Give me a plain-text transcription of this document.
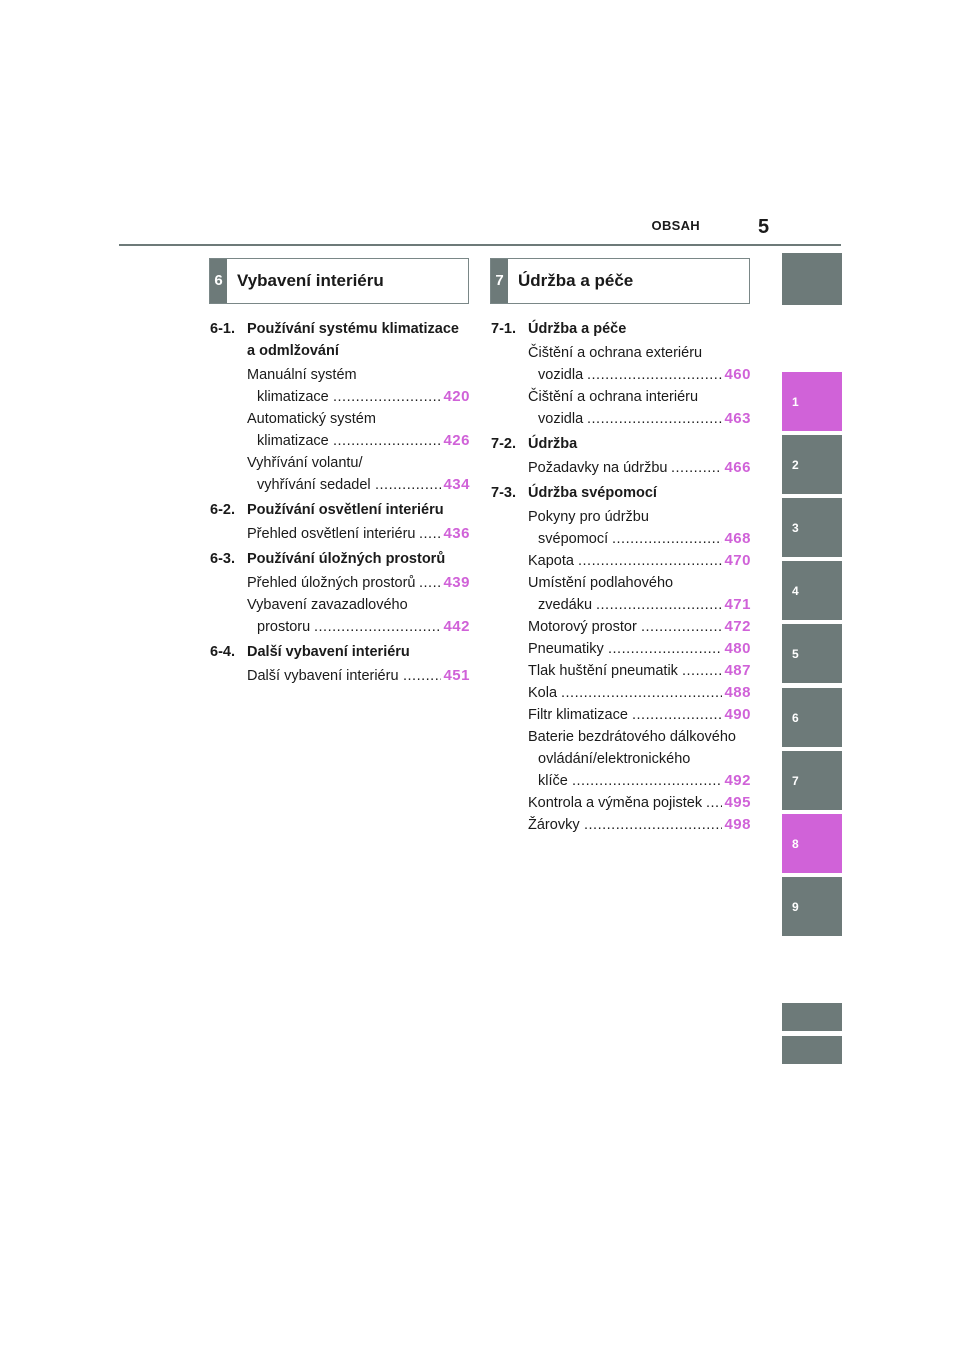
OBSAH	5
6 Vybavení interiéru	7 Údržba a péče
6-1. Používání systému klimatizace
a odmlžování
Manuální systém
klimatizace .....	420
Automatický systém
klimatizace .....	426
Vyhřívání volantu/
vyhřívání sedadel .....	434
6-2. Používání osvětlení interiéru
Přehled osvětlení interiéru ..... 436
6-3. Používání úložných prostorů
Přehled úložných prostorů ..... 439
Vybavení zavazadlového
prostoru .....	442
6-4. Další vybavení interiéru
Další vybavení interiéru .....	451
7-1. Údržba a péče
Čištění a ochrana exteriéru
vozidla .....	460
Čištění a ochrana interiéru
vozidla .....	463
7-2. Údržba
Požadavky na údržbu .....	466
7-3. Údržba svépomocí
Pokyny pro údržbu
svépomocí .....	468
Kapota .....	470
Umístění podlahového
zvedáku .....	471
Motorový prostor .....	472
Pneumatiky .....	480
Tlak huštění pneumatik .....	487
Kola .....	488
Filtr klimatizace .....	490
Baterie bezdrátového dálkového
ovládání/elektronického
klíče .....	492
Kontrola a výměna pojistek ..... 495
Žárovky .....	498
1
2
3
4
5
6
7
8
9
